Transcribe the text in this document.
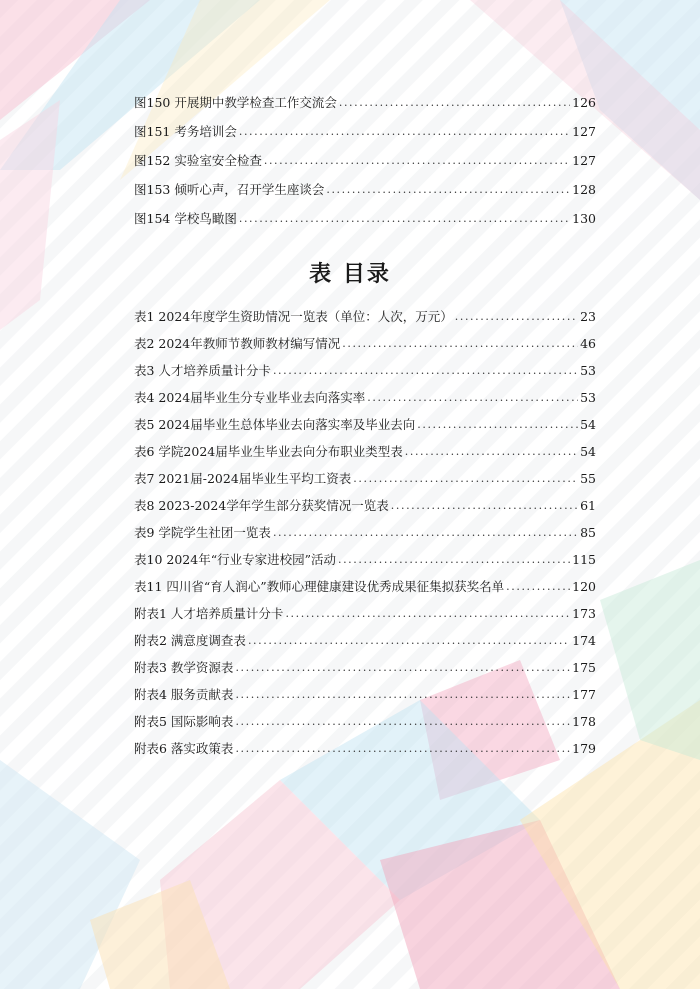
图150 开展期中教学检查工作交流会 .....	126
图151 考务培训会 .....	127
图152 实验室安全检查 .....	127
图153 倾听心声，召开学生座谈会 .....	128
图154 学校鸟瞰图 .....	130
表 目录
表1 2024年度学生资助情况一览表（单位：人次，万元） .....	23
表2 2024年教师节教师教材编写情况 .....	46
表3 人才培养质量计分卡 .....	53
表4 2024届毕业生分专业毕业去向落实率 .....	53
表5 2024届毕业生总体毕业去向落实率及毕业去向 .....	54
表6 学院2024届毕业生毕业去向分布职业类型表 .....	54
表7 2021届-2024届毕业生平均工资表 .....	55
表8 2023-2024学年学生部分获奖情况一览表 .....	61
表9 学院学生社团一览表 .....	85
表10 2024年“行业专家进校园”活动 .....	115
表11 四川省“育人润心”教师心理健康建设优秀成果征集拟获奖名单 .....	120
附表1 人才培养质量计分卡 .....	173
附表2 满意度调查表 .....	174
附表3 教学资源表 .....	175
附表4 服务贡献表 .....	177
附表5 国际影响表 .....	178
附表6 落实政策表 .....	179
